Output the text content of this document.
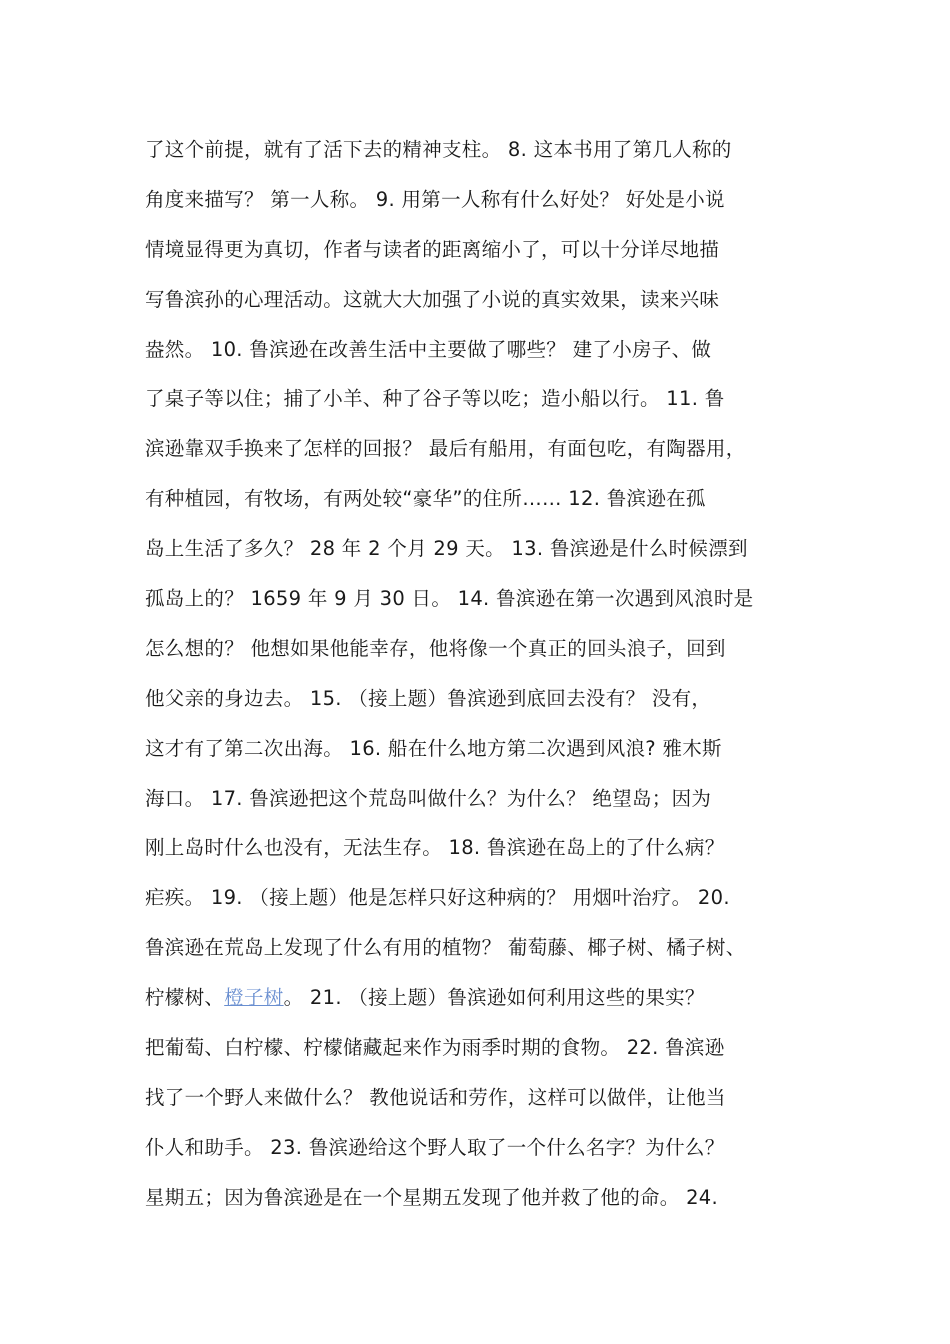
了这个前提，就有了活下去的精神支柱。 8. 这本书用了第几人称的
角度来描写？ 第一人称。 9. 用第一人称有什么好处？ 好处是小说
情境显得更为真切，作者与读者的距离缩小了，可以十分详尽地描
写鲁滨孙的心理活动。这就大大加强了小说的真实效果，读来兴味
盎然。 10. 鲁滨逊在改善生活中主要做了哪些？ 建了小房子、做
了桌子等以住；捕了小羊、种了谷子等以吃；造小船以行。 11. 鲁
滨逊靠双手换来了怎样的回报？ 最后有船用，有面包吃，有陶器用，
有种植园，有牧场，有两处较“豪华”的住所…… 12. 鲁滨逊在孤
岛上生活了多久？ 28 年 2 个月 29 天。 13. 鲁滨逊是什么时候漂到
孤岛上的？ 1659 年 9 月 30 日。 14. 鲁滨逊在第一次遇到风浪时是
怎么想的？ 他想如果他能幸存，他将像一个真正的回头浪子，回到
他父亲的身边去。 15. （接上题）鲁滨逊到底回去没有？ 没有，
这才有了第二次出海。 16. 船在什么地方第二次遇到风浪? 雅木斯
海口。 17. 鲁滨逊把这个荒岛叫做什么？为什么？ 绝望岛；因为
刚上岛时什么也没有，无法生存。 18. 鲁滨逊在岛上的了什么病？
疟疾。 19. （接上题）他是怎样只好这种病的？ 用烟叶治疗。 20.
鲁滨逊在荒岛上发现了什么有用的植物？ 葡萄藤、椰子树、橘子树、
柠檬树、橙子树。 21. （接上题）鲁滨逊如何利用这些的果实？
把葡萄、白柠檬、柠檬储藏起来作为雨季时期的食物。 22. 鲁滨逊
找了一个野人来做什么？ 教他说话和劳作，这样可以做伴，让他当
仆人和助手。 23. 鲁滨逊给这个野人取了一个什么名字？为什么？
星期五；因为鲁滨逊是在一个星期五发现了他并救了他的命。 24.
